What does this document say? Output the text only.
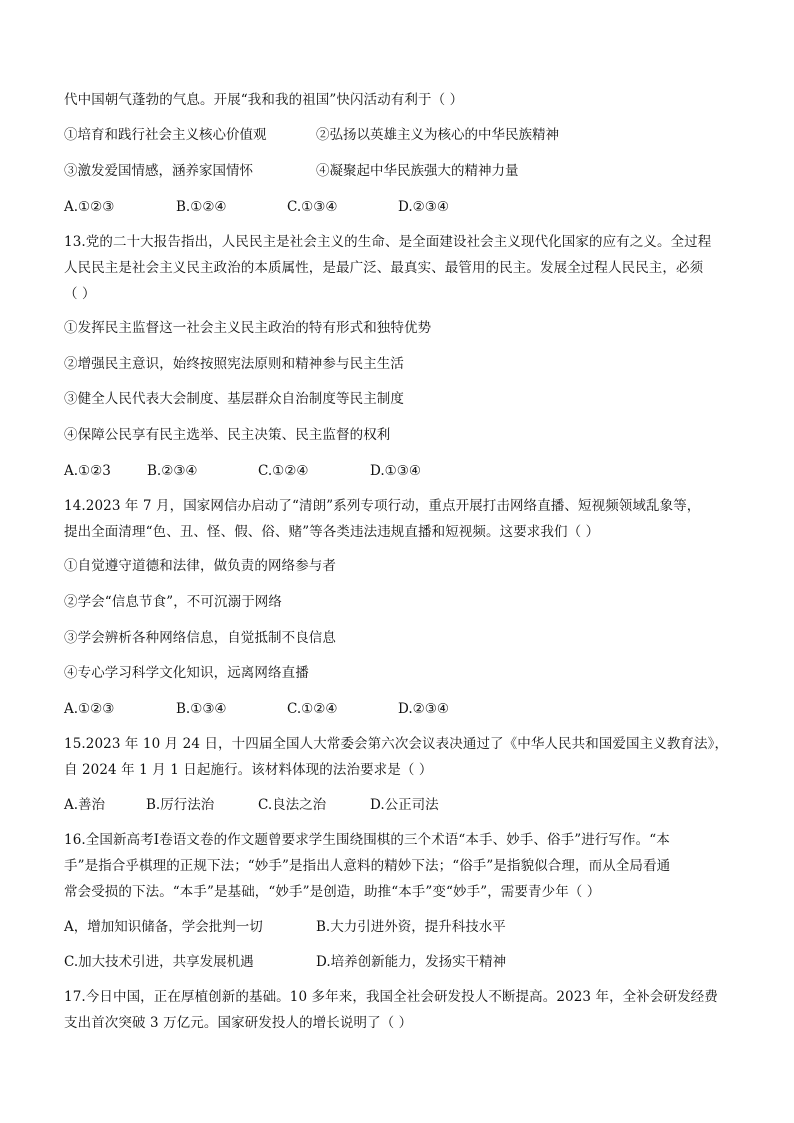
代中国朝气蓬勃的气息。开展“我和我的祖国”快闪活动有利于（ ）
①培育和践行社会主义核心价值观	②弘扬以英雄主义为核心的中华民族精神
③激发爱国情感，涵养家国情怀	④凝聚起中华民族强大的精神力量
A.①②③	B.①②④	C.①③④	D.②③④
13.党的二十大报告指出，人民民主是社会主义的生命、是全面建设社会主义现代化国家的应有之义。全过程
人民民主是社会主义民主政治的本质属性，是最广泛、最真实、最管用的民主。发展全过程人民民主，必须
（ ）
①发挥民主监督这一社会主义民主政治的特有形式和独特优势
②增强民主意识，始终按照宪法原则和精神参与民主生活
③健全人民代表大会制度、基层群众自治制度等民主制度
④保障公民享有民主选举、民主决策、民主监督的权利
A.①②3	B.②③④	C.①②④	D.①③④
14.2023 年 7 月，国家网信办启动了“清朗”系列专项行动，重点开展打击网络直播、短视频领域乱象等，
提出全面清理“色、丑、怪、假、俗、赌”等各类违法违规直播和短视频。这要求我们（ ）
①自觉遵守道德和法律，做负责的网络参与者
②学会“信息节食”，不可沉溺于网络
③学会辨析各种网络信息，自觉抵制不良信息
④专心学习科学文化知识，远离网络直播
A.①②③	B.①③④	C.①②④	D.②③④
15.2023 年 10 月 24 日，十四届全国人大常委会第六次会议表决通过了《中华人民共和国爱国主义教育法》，
自 2024 年 1 月 1 日起施行。该材料体现的法治要求是（ ）
A.善治	B.厉行法治	C.良法之治	D.公正司法
16.全国新高考Ⅰ卷语文卷的作文题曾要求学生围绕围棋的三个术语“本手、妙手、俗手”进行写作。“本
手”是指合乎棋理的正规下法；“妙手”是指出人意料的精妙下法；“俗手”是指貌似合理，而从全局看通
常会受损的下法。“本手”是基础，“妙手”是创造，助推“本手”变“妙手”，需要青少年（ ）
A，增加知识储备，学会批判一切	B.大力引进外资，提升科技水平
C.加大技术引进，共享发展机遇	D.培养创新能力，发扬实干精神
17.今日中国，正在厚植创新的基础。10 多年来，我国全社会研发投人不断提高。2023 年，全补会研发经费
支出首次突破 3 万亿元。国家研发投人的增长说明了（ ）
